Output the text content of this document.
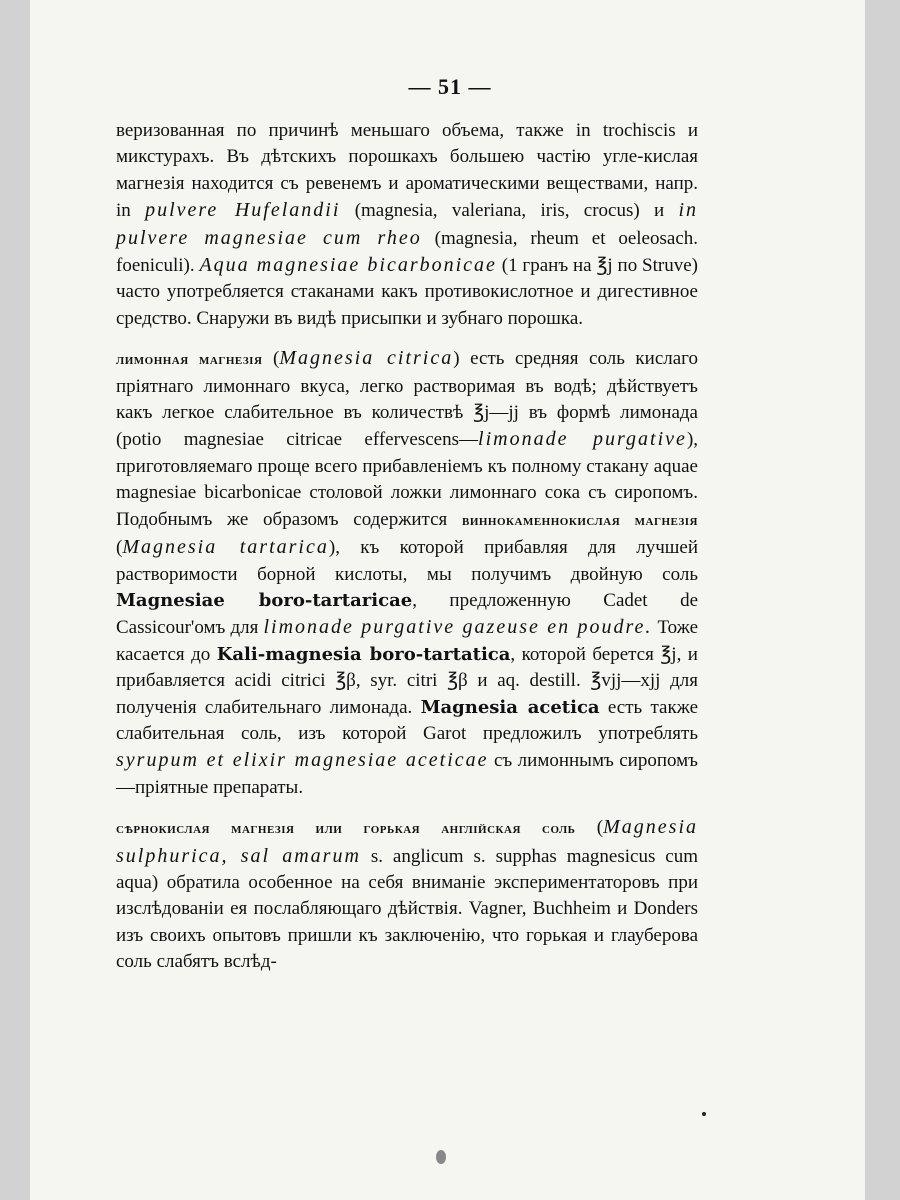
— 51 —

веризованная по причинѣ меньшаго объема, также in trochiscis и микстурахъ. Въ дѣтскихъ порошкахъ большею частію угле-кислая магнезія находится съ ревенемъ и ароматическими веществами, напр. in pulvere Hufelandii (magnesia, valeriana, iris, crocus) и in pulvere magnesiae cum rheo (magnesia, rheum et oeleosach. foeniculi). Aqua magnesiae bicarbonicae (1 гранъ на ℥j по Struve) часто употребляется стаканами какъ противокислотное и дигестивное средство. Снаружи въ видѣ присыпки и зубнаго порошка.

лимонная магнезія (Magnesia citrica) есть средняя соль кислаго пріятнаго лимоннаго вкуса, легко растворимая въ водѣ; дѣйствуетъ какъ легкое слабительное въ количествѣ ℥j—jj въ формѣ лимонада (potio magnesiae citricae effervescens—limonade purgative), приготовляемаго проще всего прибавленіемъ къ полному стакану aquae magnesiae bicarbonicae столовой ложки лимоннаго сока съ сиропомъ. Подобнымъ же образомъ содержится виннокаменнокислая магнезія (Magnesia tartarica), къ которой прибавляя для лучшей растворимости борной кислоты, мы получимъ двойную соль Magnesiae boro-tartaricae, предложенную Cadet de Cassicour'омъ для limonade purgative gazeuse en poudre. Тоже касается до Kali-magnesia boro-tartatica, которой берется ℥j, и прибавляется acidi citrici ℥β, syr. citri ℥β и aq. destill. ℥vjj—xjj для полученія слабительнаго лимонада. Magnesia acetica есть также слабительная соль, изъ которой Garot предложилъ употреблять syrupum et elixir magnesiae aceticae съ лимоннымъ сиропомъ—пріятные препараты.

сѣрнокислая магнезія или горькая англійская соль (Magnesia sulphurica, sal amarum s. anglicum s. supphas magnesicus cum aqua) обратила особенное на себя вниманіе экспериментаторовъ при изслѣдованіи ея послабляющаго дѣйствія. Vagner, Buchheim и Donders изъ своихъ опытовъ пришли къ заключенію, что горькая и глауберова соль слабятъ вслѣд-
